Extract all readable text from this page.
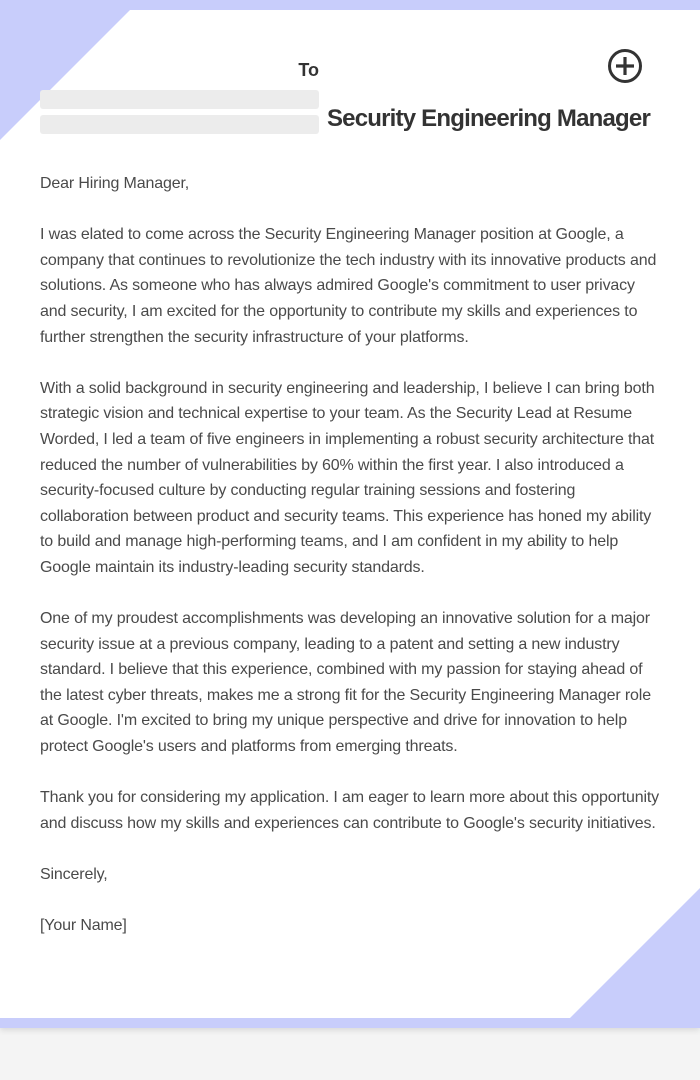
To
Security Engineering Manager

Dear Hiring Manager,

I was elated to come across the Security Engineering Manager position at Google, a company that continues to revolutionize the tech industry with its innovative products and solutions. As someone who has always admired Google's commitment to user privacy and security, I am excited for the opportunity to contribute my skills and experiences to further strengthen the security infrastructure of your platforms.

With a solid background in security engineering and leadership, I believe I can bring both strategic vision and technical expertise to your team. As the Security Lead at Resume Worded, I led a team of five engineers in implementing a robust security architecture that reduced the number of vulnerabilities by 60% within the first year. I also introduced a security-focused culture by conducting regular training sessions and fostering collaboration between product and security teams. This experience has honed my ability to build and manage high-performing teams, and I am confident in my ability to help Google maintain its industry-leading security standards.

One of my proudest accomplishments was developing an innovative solution for a major security issue at a previous company, leading to a patent and setting a new industry standard. I believe that this experience, combined with my passion for staying ahead of the latest cyber threats, makes me a strong fit for the Security Engineering Manager role at Google. I'm excited to bring my unique perspective and drive for innovation to help protect Google's users and platforms from emerging threats.

Thank you for considering my application. I am eager to learn more about this opportunity and discuss how my skills and experiences can contribute to Google's security initiatives.

Sincerely,

[Your Name]
